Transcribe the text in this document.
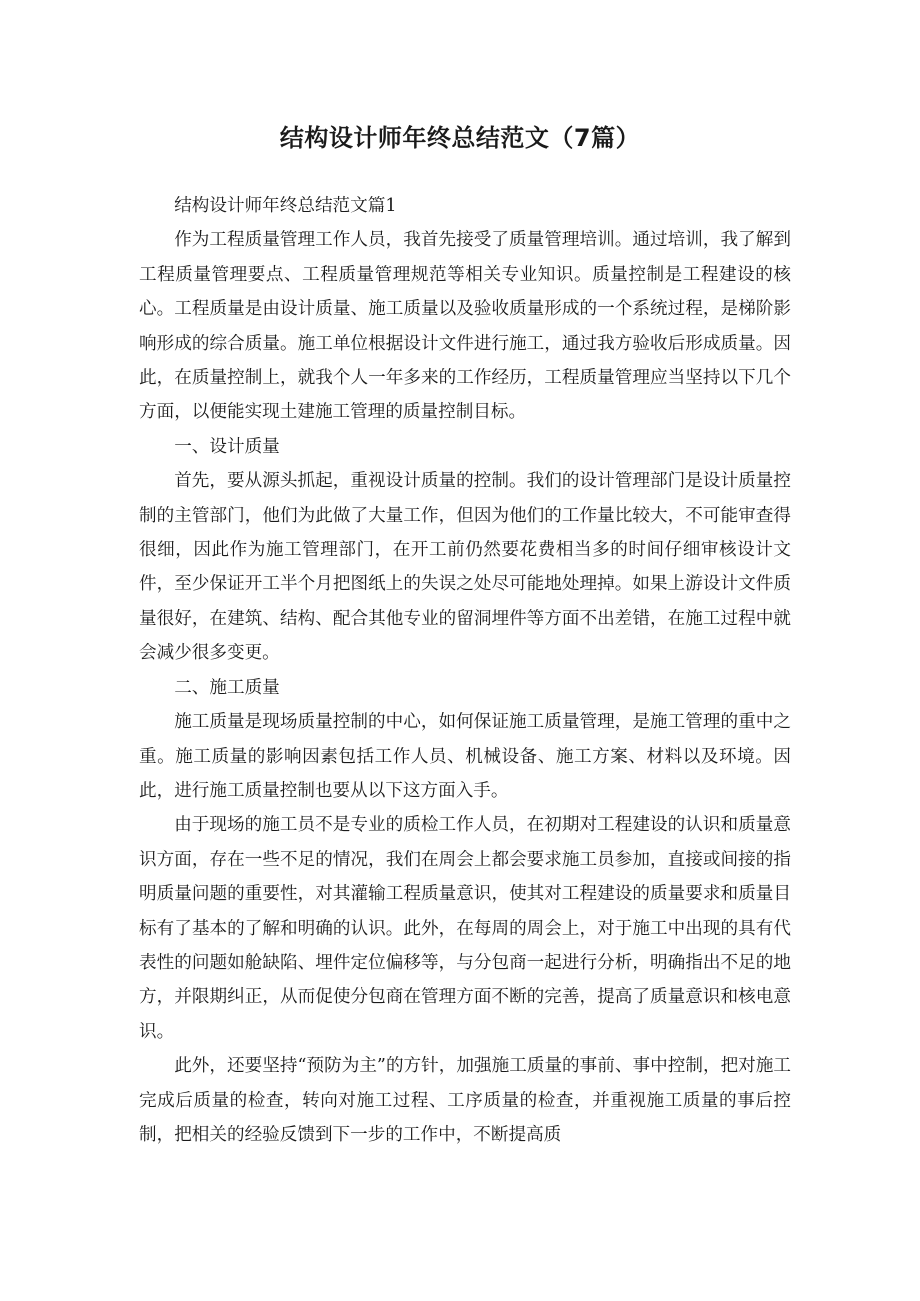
结构设计师年终总结范文（7篇）

结构设计师年终总结范文篇1

作为工程质量管理工作人员，我首先接受了质量管理培训。通过培训，我了解到工程质量管理要点、工程质量管理规范等相关专业知识。质量控制是工程建设的核心。工程质量是由设计质量、施工质量以及验收质量形成的一个系统过程，是梯阶影响形成的综合质量。施工单位根据设计文件进行施工，通过我方验收后形成质量。因此，在质量控制上，就我个人一年多来的工作经历，工程质量管理应当坚持以下几个方面，以便能实现土建施工管理的质量控制目标。

一、设计质量

首先，要从源头抓起，重视设计质量的控制。我们的设计管理部门是设计质量控制的主管部门，他们为此做了大量工作，但因为他们的工作量比较大，不可能审查得很细，因此作为施工管理部门，在开工前仍然要花费相当多的时间仔细审核设计文件，至少保证开工半个月把图纸上的失误之处尽可能地处理掉。如果上游设计文件质量很好，在建筑、结构、配合其他专业的留洞埋件等方面不出差错，在施工过程中就会减少很多变更。

二、施工质量

施工质量是现场质量控制的中心，如何保证施工质量管理，是施工管理的重中之重。施工质量的影响因素包括工作人员、机械设备、施工方案、材料以及环境。因此，进行施工质量控制也要从以下这方面入手。

由于现场的施工员不是专业的质检工作人员，在初期对工程建设的认识和质量意识方面，存在一些不足的情况，我们在周会上都会要求施工员参加，直接或间接的指明质量问题的重要性，对其灌输工程质量意识，使其对工程建设的质量要求和质量目标有了基本的了解和明确的认识。此外，在每周的周会上，对于施工中出现的具有代表性的问题如舱缺陷、埋件定位偏移等，与分包商一起进行分析，明确指出不足的地方，并限期纠正，从而促使分包商在管理方面不断的完善，提高了质量意识和核电意识。

此外，还要坚持“预防为主”的方针，加强施工质量的事前、事中控制，把对施工完成后质量的检查，转向对施工过程、工序质量的检查，并重视施工质量的事后控制，把相关的经验反馈到下一步的工作中，不断提高质
